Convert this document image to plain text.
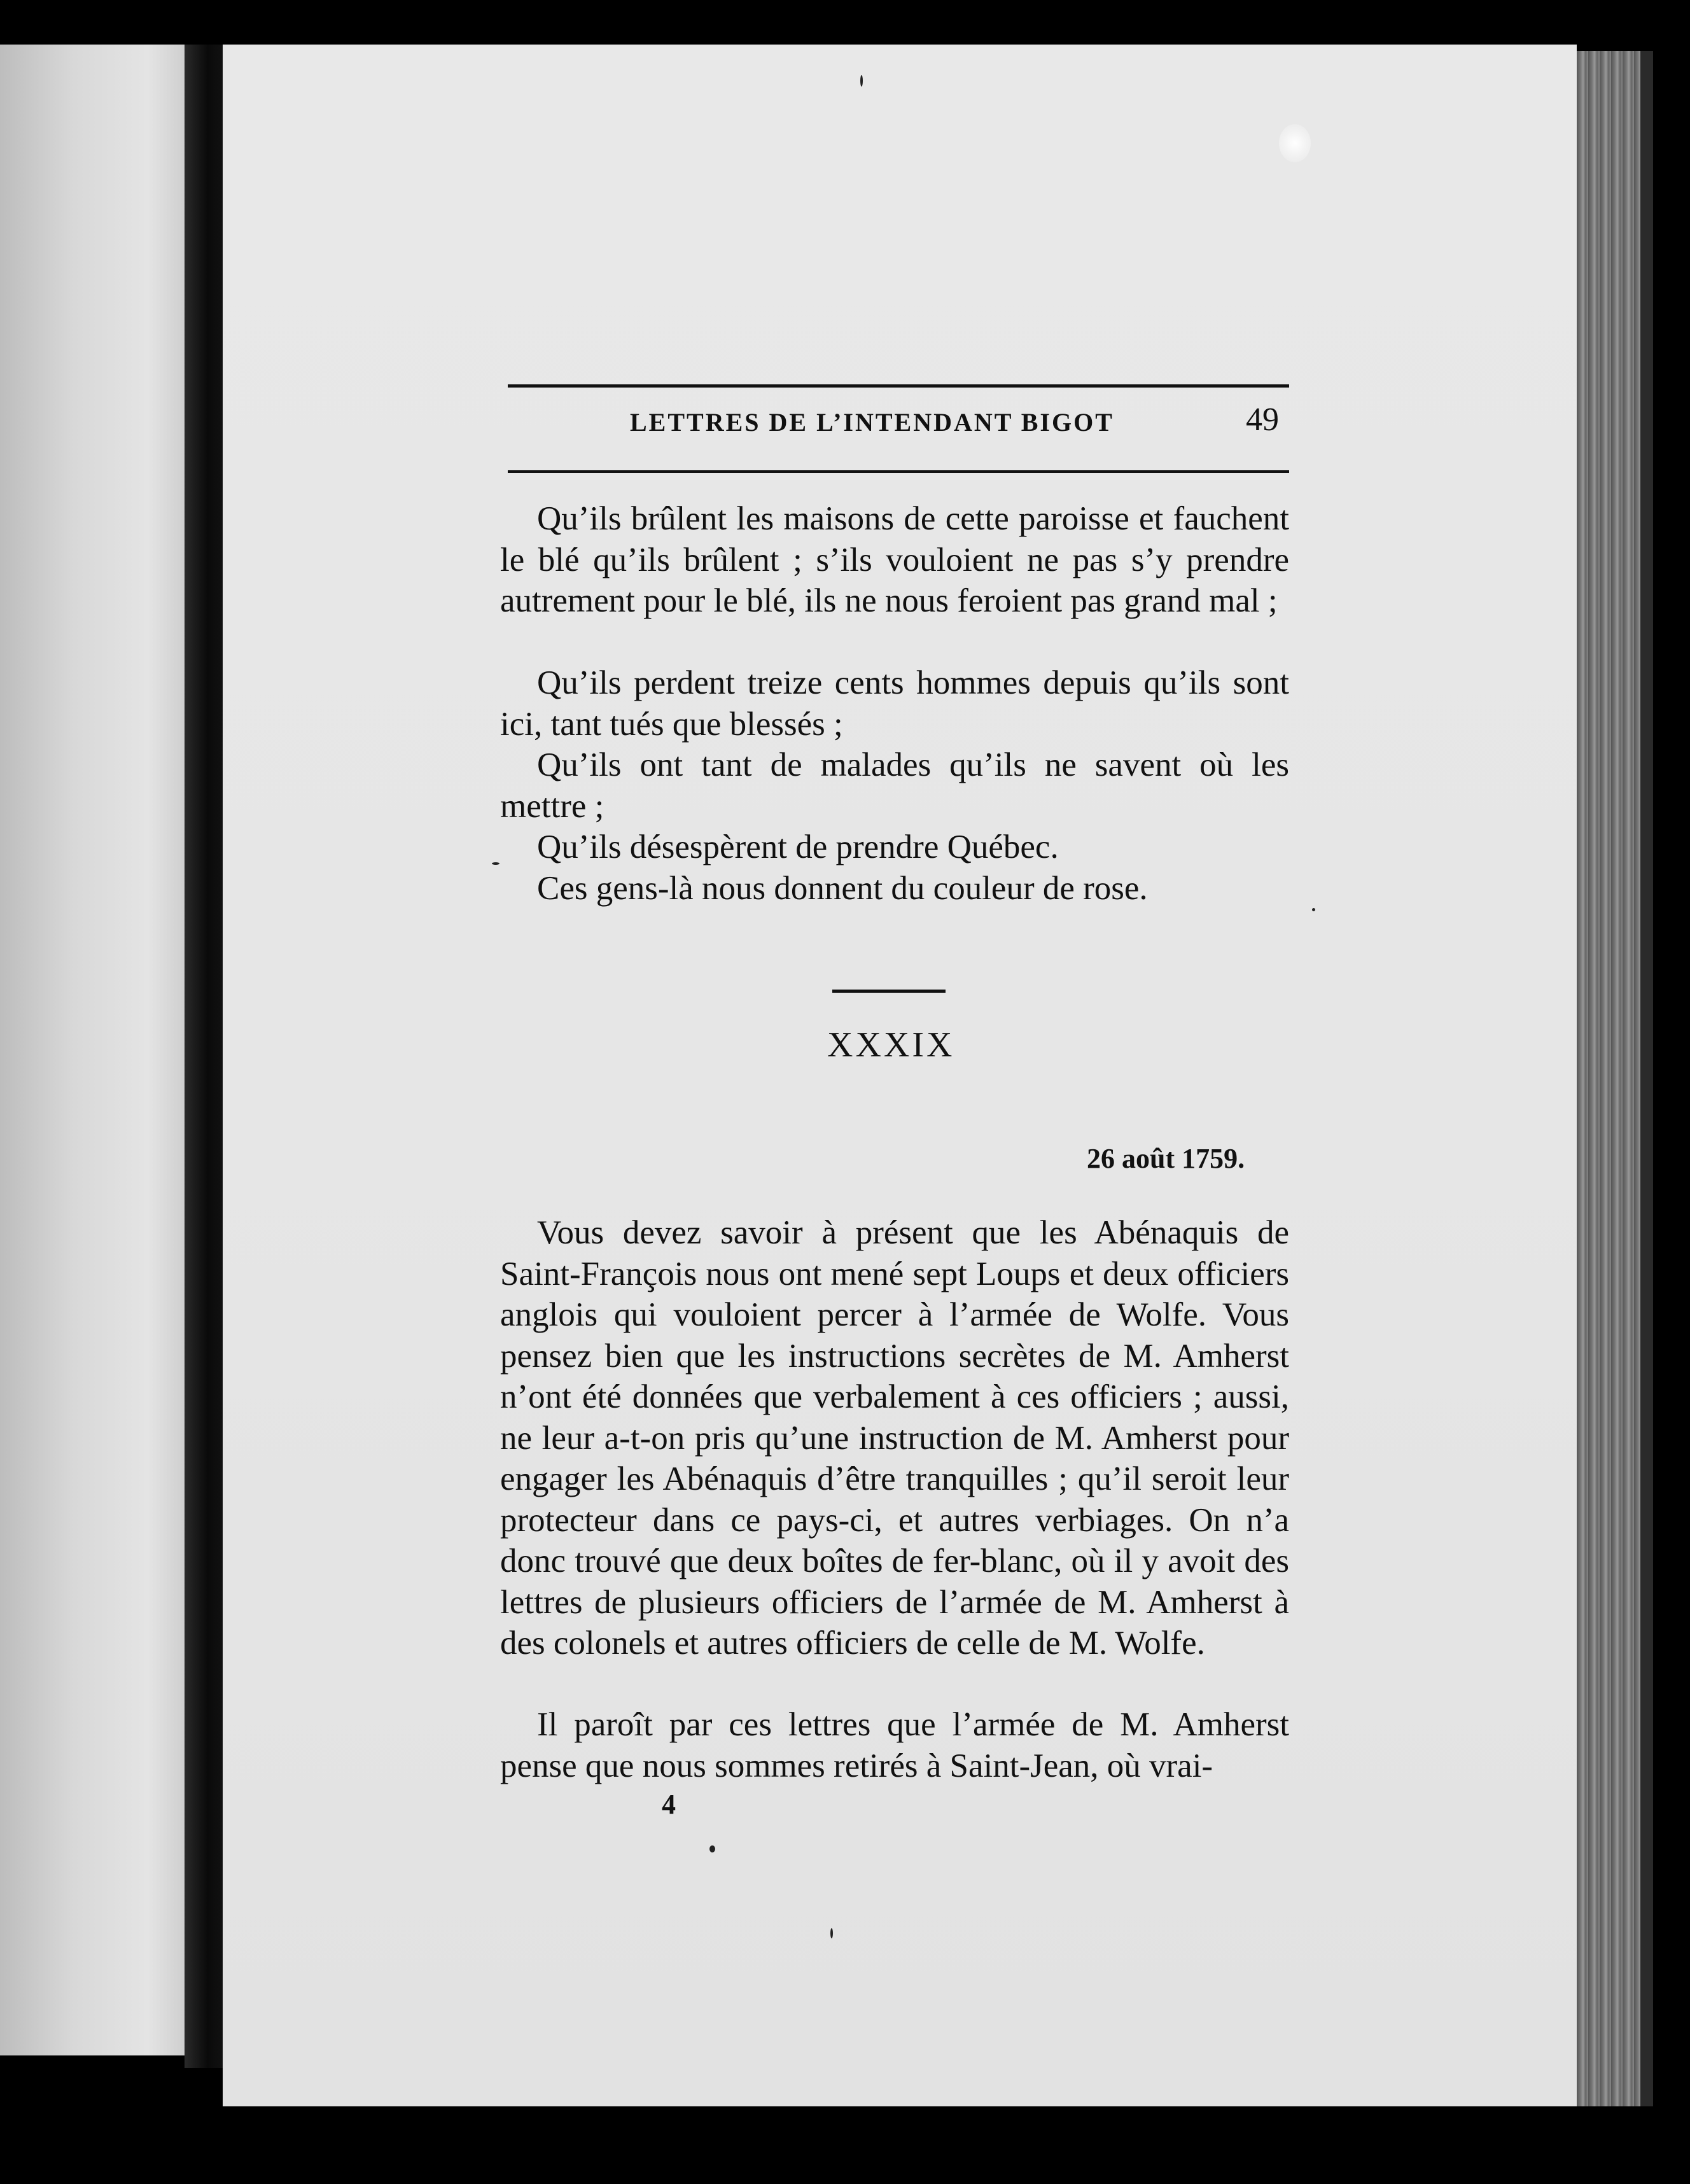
LETTRES DE L’INTENDANT BIGOT	49

Qu’ils brûlent les maisons de cette paroisse et fauchent le blé qu’ils brûlent ; s’ils vouloient ne pas s’y prendre autrement pour le blé, ils ne nous feroient pas grand mal ;

Qu’ils perdent treize cents hommes depuis qu’ils sont ici, tant tués que blessés ;

Qu’ils ont tant de malades qu’ils ne savent où les mettre ;

Qu’ils désespèrent de prendre Québec.

Ces gens-là nous donnent du couleur de rose.

XXXIX
26 août 1759.

Vous devez savoir à présent que les Abénaquis de Saint-François nous ont mené sept Loups et deux officiers anglois qui vouloient percer à l’armée de Wolfe. Vous pensez bien que les instructions secrètes de M. Amherst n’ont été données que verbalement à ces officiers ; aussi, ne leur a-t-on pris qu’une instruction de M. Amherst pour engager les Abénaquis d’être tranquilles ; qu’il seroit leur protecteur dans ce pays-ci, et autres verbiages. On n’a donc trouvé que deux boîtes de fer-blanc, où il y avoit des lettres de plusieurs officiers de l’armée de M. Amherst à des colonels et autres officiers de celle de M. Wolfe.

Il paroît par ces lettres que l’armée de M. Amherst pense que nous sommes retirés à Saint-Jean, où vrai-

4
